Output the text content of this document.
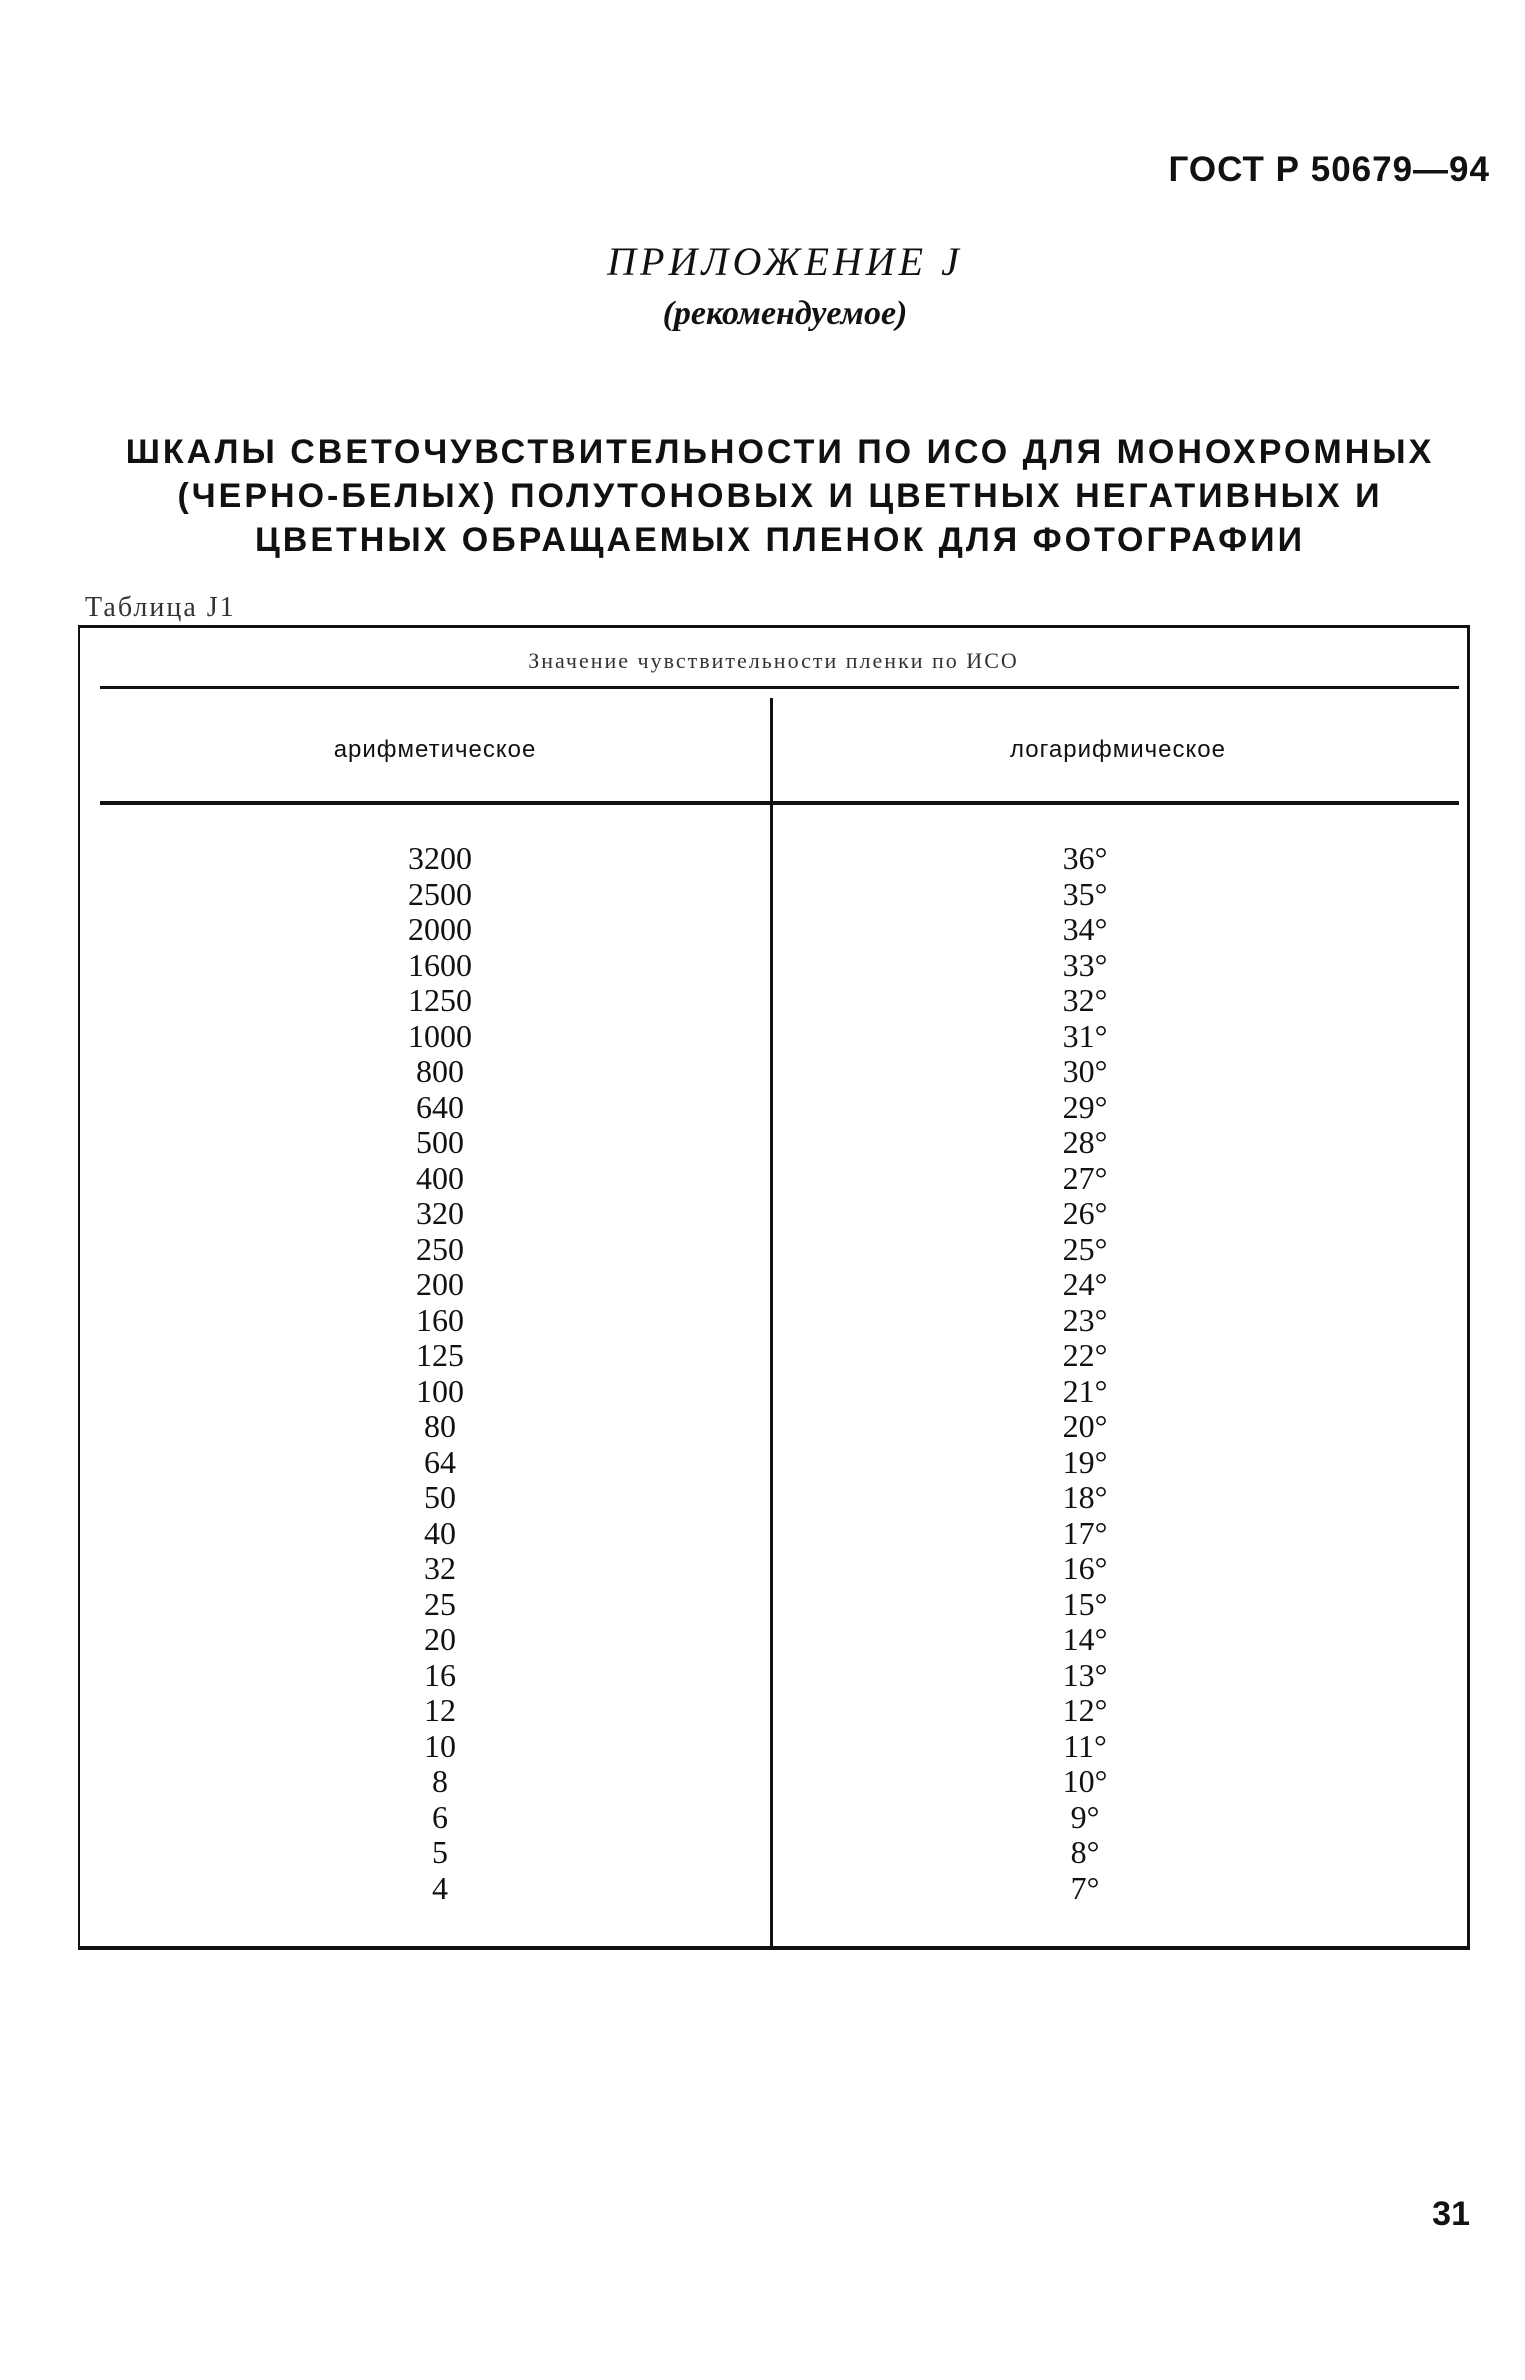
ГОСТ Р 50679—94
ПРИЛОЖЕНИЕ J
(рекомендуемое)
ШКАЛЫ СВЕТОЧУВСТВИТЕЛЬНОСТИ ПО ИСО ДЛЯ МОНОХРОМНЫХ
(ЧЕРНО-БЕЛЫХ) ПОЛУТОНОВЫХ И ЦВЕТНЫХ НЕГАТИВНЫХ И
ЦВЕТНЫХ ОБРАЩАЕМЫХ ПЛЕНОК ДЛЯ ФОТОГРАФИИ
Таблица J1
Значение чувствительности пленки по ИСО
арифметическое	логарифмическое
3200
2500
2000
1600
1250
1000
800
640
500
400
320
250
200
160
125
100
80
64
50
40
32
25
20
16
12
10
8
6
5
4
36°
35°
34°
33°
32°
31°
30°
29°
28°
27°
26°
25°
24°
23°
22°
21°
20°
19°
18°
17°
16°
15°
14°
13°
12°
11°
10°
9°
8°
7°
31
